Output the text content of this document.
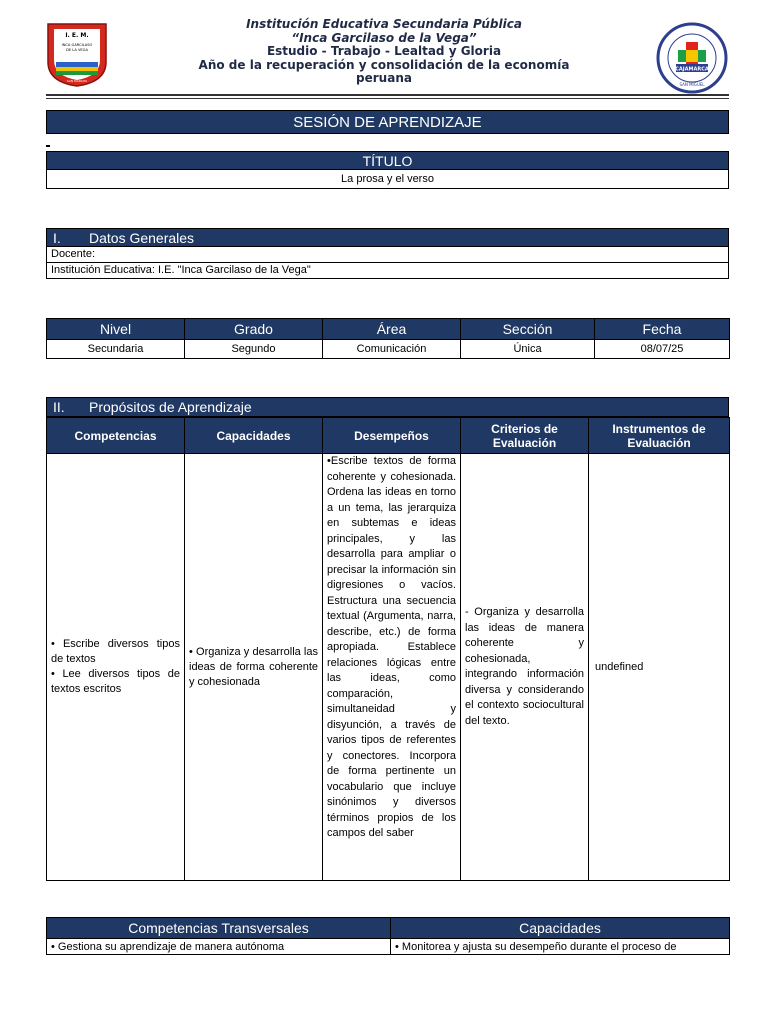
I. E. M.
INCA GARCILASO
DE LA VEGA
SAN MARCOS
Institución Educativa Secundaria Pública
“Inca Garcilaso de la Vega”
Estudio - Trabajo - Lealtad y Gloria
Año de la recuperación y consolidación de la economía
peruana
CAJAMARCA
SAN MIGUEL
SESIÓN DE APRENDIZAJE
TÍTULO
La prosa y el verso
I. Datos Generales
Docente:
Institución Educativa: I.E. "Inca Garcilaso de la Vega"
Nivel	Grado	Área	Sección	Fecha
Secundaria	Segundo	Comunicación	Única	08/07/25
II. Propósitos de Aprendizaje
Competencias	Capacidades	Desempeños	Criterios de Evaluación	Instrumentos de Evaluación

• Escribe diversos tipos de textos
• Lee diversos tipos de textos escritos	• Organiza y desarrolla las ideas de forma coherente y cohesionada	•Escribe textos de forma coherente y cohesionada. Ordena las ideas en torno a un tema, las jerarquiza en subtemas e ideas principales, y las desarrolla para ampliar o precisar la información sin digresiones o vacíos. Estructura una secuencia textual (Argumenta, narra, describe, etc.) de forma apropiada. Establece relaciones lógicas entre las ideas, como comparación, simultaneidad y disyunción, a través de varios tipos de referentes y conectores. Incorpora de forma pertinente un vocabulario que incluye sinónimos y diversos términos propios de los campos del saber	- Organiza y desarrolla las ideas de manera coherente y cohesionada, integrando información diversa y considerando el contexto sociocultural del texto.	undefined
Competencias Transversales	Capacidades
• Gestiona su aprendizaje de manera autónoma	• Monitorea y ajusta su desempeño durante el proceso de
